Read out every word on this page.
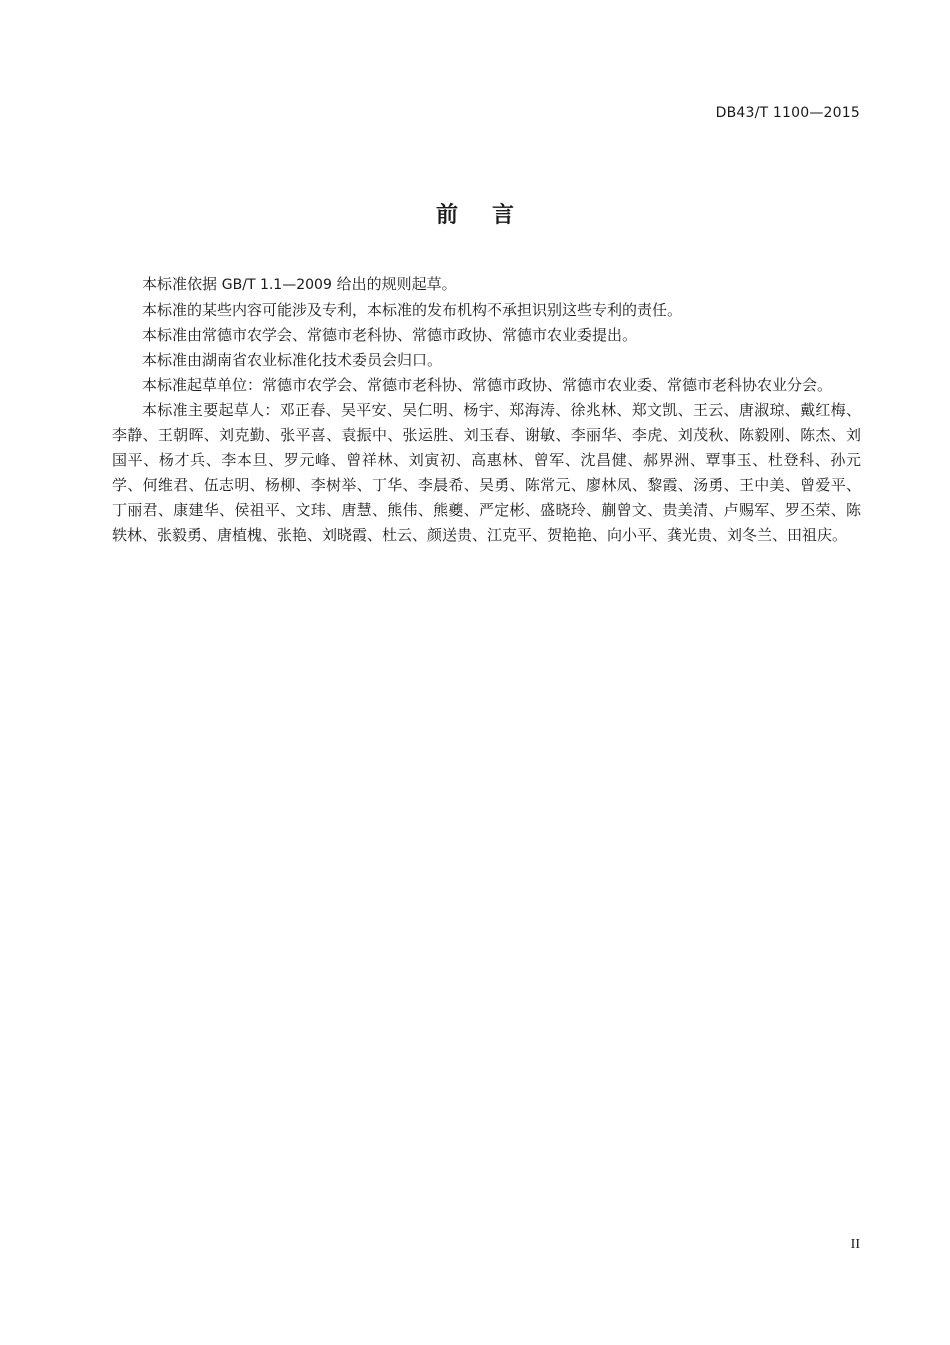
DB43/T 1100—2015
前言

本标准依据 GB/T 1.1—2009 给出的规则起草。

本标准的某些内容可能涉及专利，本标准的发布机构不承担识别这些专利的责任。

本标准由常德市农学会、常德市老科协、常德市政协、常德市农业委提出。

本标准由湖南省农业标准化技术委员会归口。

本标准起草单位：常德市农学会、常德市老科协、常德市政协、常德市农业委、常德市老科协农业分会。

本标准主要起草人：邓正春、吴平安、吴仁明、杨宇、郑海涛、徐兆林、郑文凯、王云、唐淑琼、戴红梅、李静、王朝晖、刘克勤、张平喜、袁振中、张运胜、刘玉春、谢敏、李丽华、李虎、刘茂秋、陈毅刚、陈杰、刘国平、杨才兵、李本旦、罗元峰、曾祥林、刘寅初、高惠林、曾军、沈昌健、郝界洲、覃事玉、杜登科、孙元学、何维君、伍志明、杨柳、李树举、丁华、李晨希、吴勇、陈常元、廖林凤、黎霞、汤勇、王中美、曾爱平、丁丽君、康建华、侯祖平、文玮、唐慧、熊伟、熊夔、严定彬、盛晓玲、蒯曾文、贵美清、卢赐军、罗丕荣、陈轶林、张毅勇、唐植槐、张艳、刘晓霞、杜云、颜送贵、江克平、贺艳艳、向小平、龚光贵、刘冬兰、田祖庆。

II
